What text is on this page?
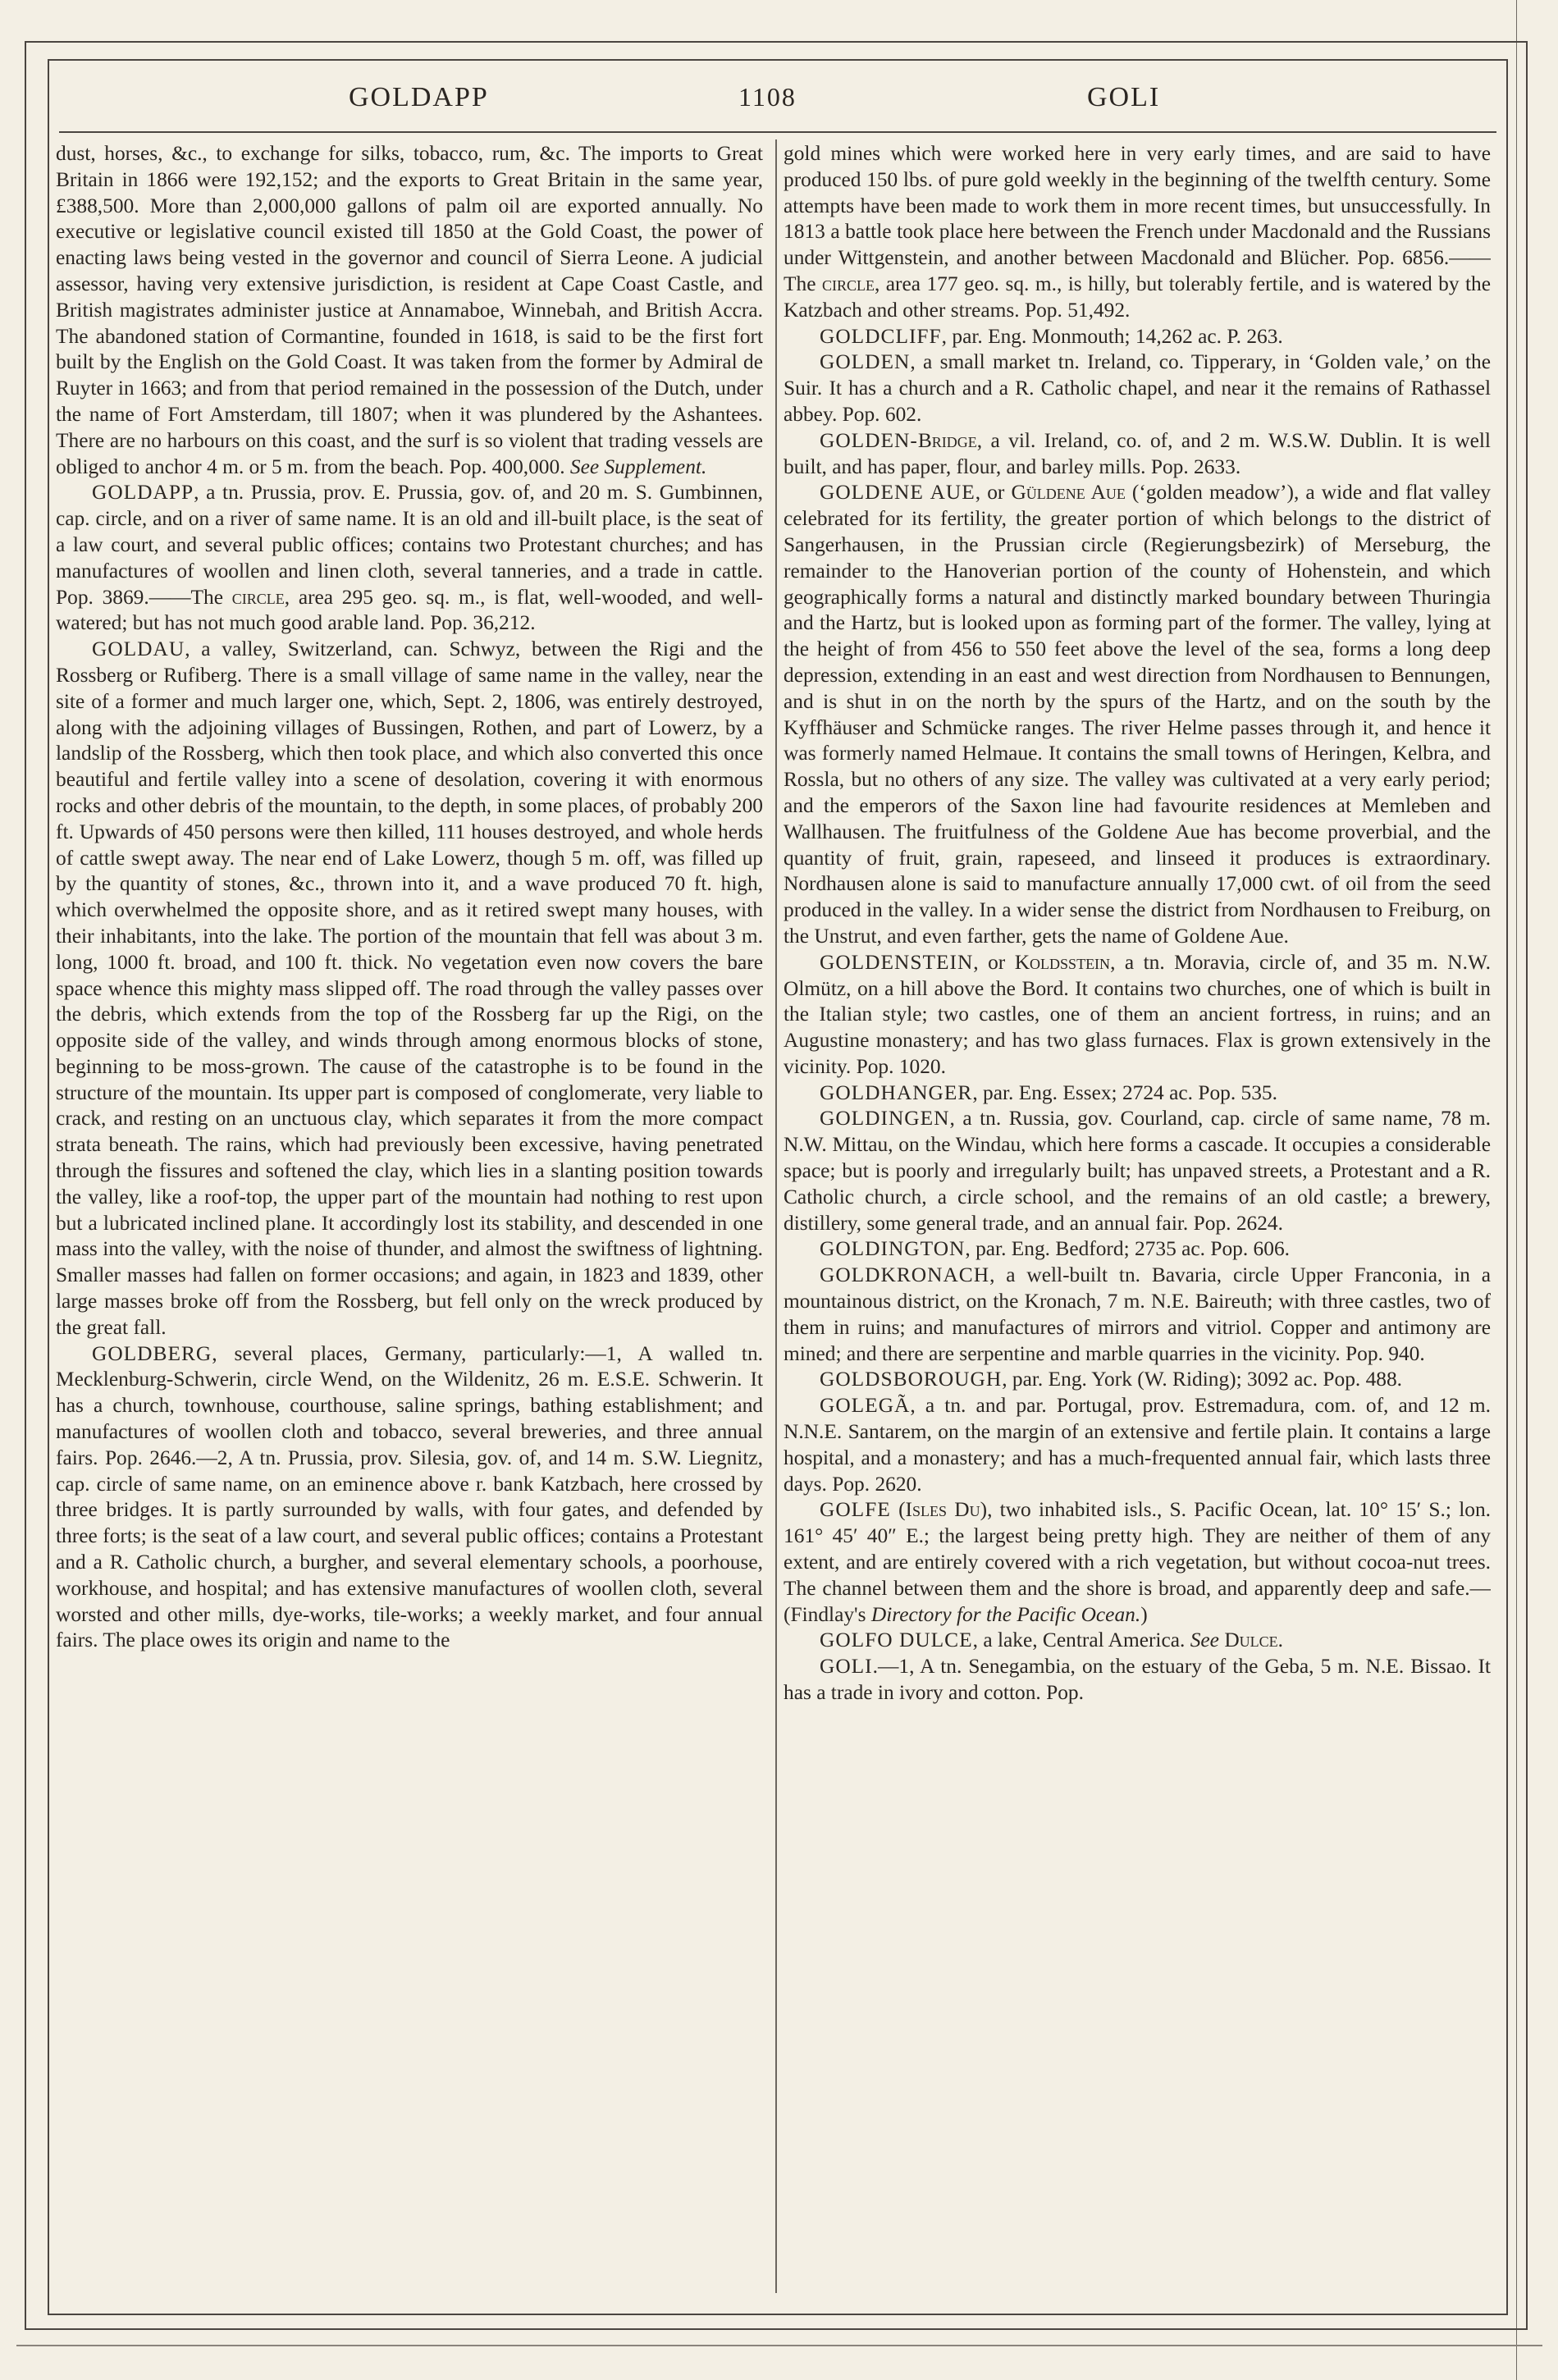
GOLDAPP	1108	GOLI

dust, horses, &c., to exchange for silks, tobacco, rum, &c. The imports to Great Britain in 1866 were 192,152; and the exports to Great Britain in the same year, £388,500. More than 2,000,000 gallons of palm oil are exported annually. No executive or legislative council existed till 1850 at the Gold Coast, the power of enacting laws being vested in the governor and council of Sierra Leone. A judicial assessor, having very extensive jurisdiction, is resident at Cape Coast Castle, and British magistrates administer justice at Annamaboe, Winnebah, and British Accra. The abandoned station of Cormantine, founded in 1618, is said to be the first fort built by the English on the Gold Coast. It was taken from the former by Admiral de Ruyter in 1663; and from that period remained in the possession of the Dutch, under the name of Fort Amsterdam, till 1807; when it was plundered by the Ashantees. There are no harbours on this coast, and the surf is so violent that trading vessels are obliged to anchor 4 m. or 5 m. from the beach. Pop. 400,000. See Supplement.

GOLDAPP, a tn. Prussia, prov. E. Prussia, gov. of, and 20 m. S. Gumbinnen, cap. circle, and on a river of same name. It is an old and ill-built place, is the seat of a law court, and several public offices; contains two Protestant churches; and has manufactures of woollen and linen cloth, several tanneries, and a trade in cattle. Pop. 3869.——The circle, area 295 geo. sq. m., is flat, well-wooded, and well-watered; but has not much good arable land. Pop. 36,212.

GOLDAU, a valley, Switzerland, can. Schwyz, between the Rigi and the Rossberg or Rufiberg. There is a small village of same name in the valley, near the site of a former and much larger one, which, Sept. 2, 1806, was entirely destroyed, along with the adjoining villages of Bussingen, Rothen, and part of Lowerz, by a landslip of the Rossberg, which then took place, and which also converted this once beautiful and fertile valley into a scene of desolation, covering it with enormous rocks and other debris of the mountain, to the depth, in some places, of probably 200 ft. Upwards of 450 persons were then killed, 111 houses destroyed, and whole herds of cattle swept away. The near end of Lake Lowerz, though 5 m. off, was filled up by the quantity of stones, &c., thrown into it, and a wave produced 70 ft. high, which overwhelmed the opposite shore, and as it retired swept many houses, with their inhabitants, into the lake. The portion of the mountain that fell was about 3 m. long, 1000 ft. broad, and 100 ft. thick. No vegetation even now covers the bare space whence this mighty mass slipped off. The road through the valley passes over the debris, which extends from the top of the Rossberg far up the Rigi, on the opposite side of the valley, and winds through among enormous blocks of stone, beginning to be moss-grown. The cause of the catastrophe is to be found in the structure of the mountain. Its upper part is composed of conglomerate, very liable to crack, and resting on an unctuous clay, which separates it from the more compact strata beneath. The rains, which had previously been excessive, having penetrated through the fissures and softened the clay, which lies in a slanting position towards the valley, like a roof-top, the upper part of the mountain had nothing to rest upon but a lubricated inclined plane. It accordingly lost its stability, and descended in one mass into the valley, with the noise of thunder, and almost the swiftness of lightning. Smaller masses had fallen on former occasions; and again, in 1823 and 1839, other large masses broke off from the Rossberg, but fell only on the wreck produced by the great fall.

GOLDBERG, several places, Germany, particularly:—1, A walled tn. Mecklenburg-Schwerin, circle Wend, on the Wildenitz, 26 m. E.S.E. Schwerin. It has a church, townhouse, courthouse, saline springs, bathing establishment; and manufactures of woollen cloth and tobacco, several breweries, and three annual fairs. Pop. 2646.—2, A tn. Prussia, prov. Silesia, gov. of, and 14 m. S.W. Liegnitz, cap. circle of same name, on an eminence above r. bank Katzbach, here crossed by three bridges. It is partly surrounded by walls, with four gates, and defended by three forts; is the seat of a law court, and several public offices; contains a Protestant and a R. Catholic church, a burgher, and several elementary schools, a poorhouse, workhouse, and hospital; and has extensive manufactures of woollen cloth, several worsted and other mills, dye-works, tile-works; a weekly market, and four annual fairs. The place owes its origin and name to the

gold mines which were worked here in very early times, and are said to have produced 150 lbs. of pure gold weekly in the beginning of the twelfth century. Some attempts have been made to work them in more recent times, but unsuccessfully. In 1813 a battle took place here between the French under Macdonald and the Russians under Wittgenstein, and another between Macdonald and Blücher. Pop. 6856.——The circle, area 177 geo. sq. m., is hilly, but tolerably fertile, and is watered by the Katzbach and other streams. Pop. 51,492.

GOLDCLIFF, par. Eng. Monmouth; 14,262 ac. P. 263.

GOLDEN, a small market tn. Ireland, co. Tipperary, in ‘Golden vale,’ on the Suir. It has a church and a R. Catholic chapel, and near it the remains of Rathassel abbey. Pop. 602.

GOLDEN-Bridge, a vil. Ireland, co. of, and 2 m. W.S.W. Dublin. It is well built, and has paper, flour, and barley mills. Pop. 2633.

GOLDENE AUE, or Güldene Aue (‘golden meadow’), a wide and flat valley celebrated for its fertility, the greater portion of which belongs to the district of Sangerhausen, in the Prussian circle (Regierungsbezirk) of Merseburg, the remainder to the Hanoverian portion of the county of Hohenstein, and which geographically forms a natural and distinctly marked boundary between Thuringia and the Hartz, but is looked upon as forming part of the former. The valley, lying at the height of from 456 to 550 feet above the level of the sea, forms a long deep depression, extending in an east and west direction from Nordhausen to Bennungen, and is shut in on the north by the spurs of the Hartz, and on the south by the Kyffhäuser and Schmücke ranges. The river Helme passes through it, and hence it was formerly named Helmaue. It contains the small towns of Heringen, Kelbra, and Rossla, but no others of any size. The valley was cultivated at a very early period; and the emperors of the Saxon line had favourite residences at Memleben and Wallhausen. The fruitfulness of the Goldene Aue has become proverbial, and the quantity of fruit, grain, rapeseed, and linseed it produces is extraordinary. Nordhausen alone is said to manufacture annually 17,000 cwt. of oil from the seed produced in the valley. In a wider sense the district from Nordhausen to Freiburg, on the Unstrut, and even farther, gets the name of Goldene Aue.

GOLDENSTEIN, or Koldsstein, a tn. Moravia, circle of, and 35 m. N.W. Olmütz, on a hill above the Bord. It contains two churches, one of which is built in the Italian style; two castles, one of them an ancient fortress, in ruins; and an Augustine monastery; and has two glass furnaces. Flax is grown extensively in the vicinity. Pop. 1020.

GOLDHANGER, par. Eng. Essex; 2724 ac. Pop. 535.

GOLDINGEN, a tn. Russia, gov. Courland, cap. circle of same name, 78 m. N.W. Mittau, on the Windau, which here forms a cascade. It occupies a considerable space; but is poorly and irregularly built; has unpaved streets, a Protestant and a R. Catholic church, a circle school, and the remains of an old castle; a brewery, distillery, some general trade, and an annual fair. Pop. 2624.

GOLDINGTON, par. Eng. Bedford; 2735 ac. Pop. 606.

GOLDKRONACH, a well-built tn. Bavaria, circle Upper Franconia, in a mountainous district, on the Kronach, 7 m. N.E. Baireuth; with three castles, two of them in ruins; and manufactures of mirrors and vitriol. Copper and antimony are mined; and there are serpentine and marble quarries in the vicinity. Pop. 940.

GOLDSBOROUGH, par. Eng. York (W. Riding); 3092 ac. Pop. 488.

GOLEGÃ, a tn. and par. Portugal, prov. Estremadura, com. of, and 12 m. N.N.E. Santarem, on the margin of an extensive and fertile plain. It contains a large hospital, and a monastery; and has a much-frequented annual fair, which lasts three days. Pop. 2620.

GOLFE (Isles Du), two inhabited isls., S. Pacific Ocean, lat. 10° 15′ S.; lon. 161° 45′ 40″ E.; the largest being pretty high. They are neither of them of any extent, and are entirely covered with a rich vegetation, but without cocoa-nut trees. The channel between them and the shore is broad, and apparently deep and safe.—(Findlay's Directory for the Pacific Ocean.)

GOLFO DULCE, a lake, Central America. See Dulce.

GOLI.—1, A tn. Senegambia, on the estuary of the Geba, 5 m. N.E. Bissao. It has a trade in ivory and cotton. Pop.
